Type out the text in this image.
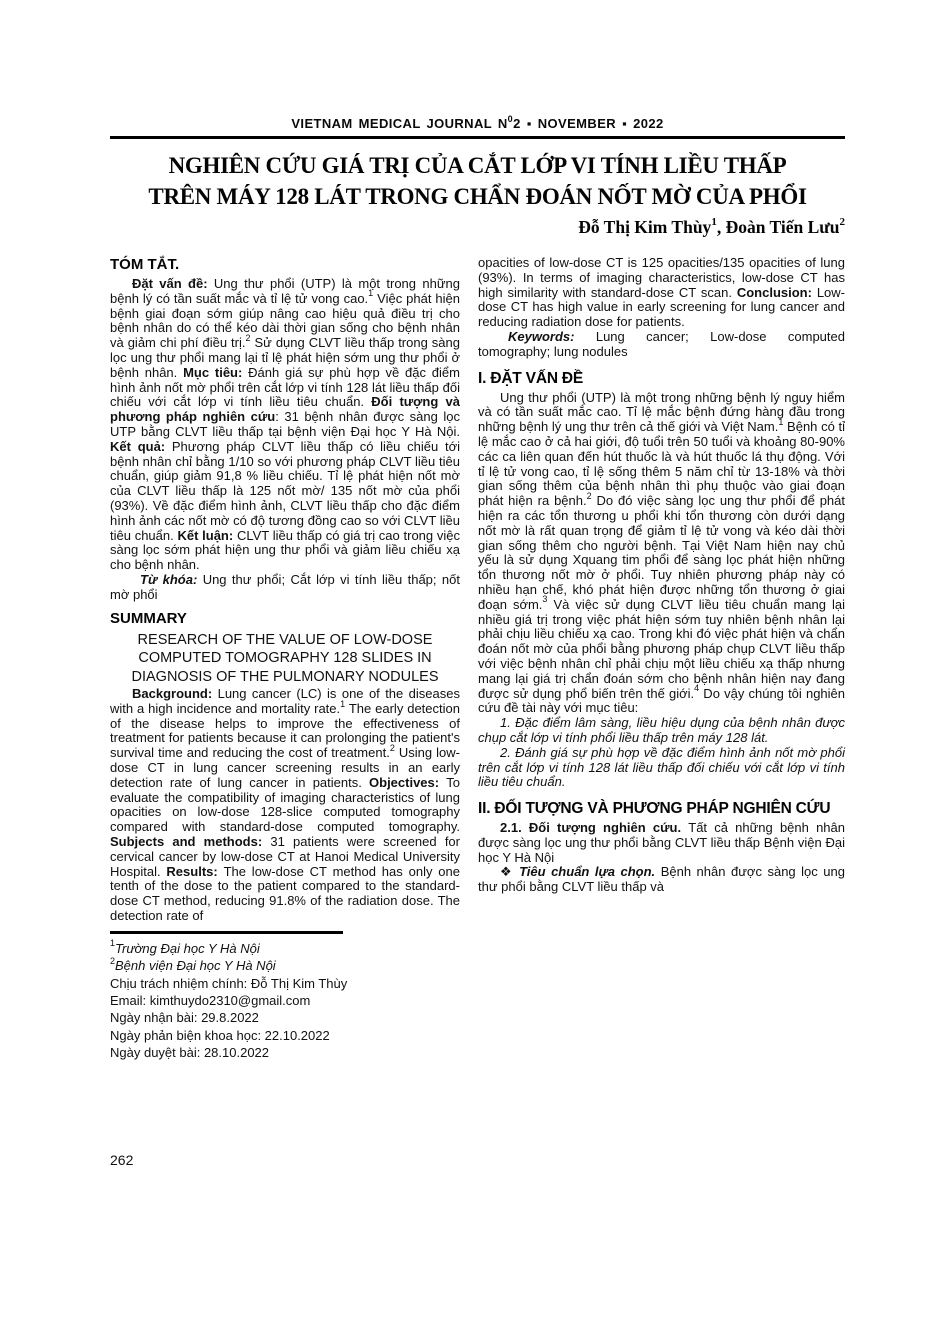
VIETNAM MEDICAL JOURNAL $N^02$ ▪ NOVEMBER ▪ 2022
NGHIÊN CỨU GIÁ TRỊ CỦA CẮT LỚP VI TÍNH LIỀU THẤP
TRÊN MÁY 128 LÁT TRONG CHẨN ĐOÁN NỐT MỜ CỦA PHỔI
Đỗ Thị Kim Thùy$^1$, Đoàn Tiến Lưu$^2$
TÓM TẮT.

Đặt vấn đề: Ung thư phổi (UTP) là một trong những bệnh lý có tần suất mắc và tỉ lệ tử vong cao.$^1$ Việc phát hiện bệnh giai đoạn sớm giúp nâng cao hiệu quả điều trị cho bệnh nhân do có thể kéo dài thời gian sống cho bệnh nhân và giảm chi phí điều trị.$^2$ Sử dụng CLVT liều thấp trong sàng lọc ung thư phổi mang lại tỉ lệ phát hiện sớm ung thư phổi ở bệnh nhân. Mục tiêu: Đánh giá sự phù hợp về đặc điểm hình ảnh nốt mờ phổi trên cắt lớp vi tính 128 lát liều thấp đối chiếu với cắt lớp vi tính liều tiêu chuẩn. Đối tượng và phương pháp nghiên cứu: 31 bệnh nhân được sàng lọc UTP bằng CLVT liều thấp tại bệnh viện Đại học Y Hà Nội. Kết quả: Phương pháp CLVT liều thấp có liều chiếu tới bệnh nhân chỉ bằng 1/10 so với phương pháp CLVT liều tiêu chuẩn, giúp giảm 91,8 % liều chiếu. Tỉ lệ phát hiện nốt mờ của CLVT liều thấp là 125 nốt mờ/ 135 nốt mờ của phổi (93%). Về đặc điểm hình ảnh, CLVT liều thấp cho đặc điểm hình ảnh các nốt mờ có độ tương đồng cao so với CLVT liều tiêu chuẩn. Kết luận: CLVT liều thấp có giá trị cao trong việc sàng lọc sớm phát hiện ung thư phổi và giảm liều chiếu xạ cho bệnh nhân.

Từ khóa: Ung thư phổi; Cắt lớp vi tính liều thấp; nốt mờ phổi

SUMMARY
RESEARCH OF THE VALUE OF LOW-DOSE COMPUTED TOMOGRAPHY 128 SLIDES IN DIAGNOSIS OF THE PULMONARY NODULES

Background: Lung cancer (LC) is one of the diseases with a high incidence and mortality rate.$^1$ The early detection of the disease helps to improve the effectiveness of treatment for patients because it can prolonging the patient's survival time and reducing the cost of treatment.$^2$ Using low-dose CT in lung cancer screening results in an early detection rate of lung cancer in patients. Objectives: To evaluate the compatibility of imaging characteristics of lung opacities on low-dose 128-slice computed tomography compared with standard-dose computed tomography. Subjects and methods: 31 patients were screened for cervical cancer by low-dose CT at Hanoi Medical University Hospital. Results: The low-dose CT method has only one tenth of the dose to the patient compared to the standard-dose CT method, reducing 91.8% of the radiation dose. The detection rate of

$^1$Trường Đại học Y Hà Nội
$^2$Bệnh viện Đại học Y Hà Nội
Chịu trách nhiệm chính: Đỗ Thị Kim Thùy
Email: kimthuydo2310@gmail.com
Ngày nhận bài: 29.8.2022
Ngày phản biện khoa học: 22.10.2022
Ngày duyệt bài: 28.10.2022

opacities of low-dose CT is 125 opacities/135 opacities of lung (93%). In terms of imaging characteristics, low-dose CT has high similarity with standard-dose CT scan. Conclusion: Low-dose CT has high value in early screening for lung cancer and reducing radiation dose for patients.

Keywords: Lung cancer; Low-dose computed tomography; lung nodules

I. ĐẶT VẤN ĐỀ

Ung thư phổi (UTP) là một trong những bệnh lý nguy hiểm và có tần suất mắc cao. Tỉ lệ mắc bệnh đứng hàng đầu trong những bệnh lý ung thư trên cả thế giới và Việt Nam.$^1$ Bệnh có tỉ lệ mắc cao ở cả hai giới, độ tuổi trên 50 tuổi và khoảng 80-90% các ca liên quan đến hút thuốc là và hút thuốc lá thụ động. Với tỉ lệ tử vong cao, tỉ lệ sống thêm 5 năm chỉ từ 13-18% và thời gian sống thêm của bệnh nhân thì phụ thuộc vào giai đoạn phát hiện ra bệnh.$^2$ Do đó việc sàng lọc ung thư phổi để phát hiện ra các tổn thương u phổi khi tổn thương còn dưới dạng nốt mờ là rất quan trọng để giảm tỉ lệ tử vong và kéo dài thời gian sống thêm cho người bệnh. Tại Việt Nam hiện nay chủ yếu là sử dụng Xquang tim phổi để sàng lọc phát hiện những tổn thương nốt mờ ở phổi. Tuy nhiên phương pháp này có nhiều hạn chế, khó phát hiện được những tổn thương ở giai đoạn sớm.$^3$ Và việc sử dụng CLVT liều tiêu chuẩn mang lại nhiều giá trị trong việc phát hiện sớm tuy nhiên bệnh nhân lại phải chịu liều chiếu xạ cao. Trong khi đó việc phát hiện và chẩn đoán nốt mờ của phổi bằng phương pháp chụp CLVT liều thấp với việc bệnh nhân chỉ phải chịu một liều chiếu xạ thấp nhưng mang lại giá trị chẩn đoán sớm cho bệnh nhân hiện nay đang được sử dụng phổ biến trên thế giới.$^4$ Do vậy chúng tôi nghiên cứu đề tài này với mục tiêu:

1. Đặc điểm lâm sàng, liều hiệu dụng của bệnh nhân được chụp cắt lớp vi tính phổi liều thấp trên máy 128 lát.

2. Đánh giá sự phù hợp về đặc điểm hình ảnh nốt mờ phổi trên cắt lớp vi tính 128 lát liều thấp đối chiếu với cắt lớp vi tính liều tiêu chuẩn.

II. ĐỐI TƯỢNG VÀ PHƯƠNG PHÁP NGHIÊN CỨU

2.1. Đối tượng nghiên cứu. Tất cả những bệnh nhân được sàng lọc ung thư phổi bằng CLVT liều thấp Bệnh viện Đại học Y Hà Nội

❖ Tiêu chuẩn lựa chọn. Bệnh nhân được sàng lọc ung thư phổi bằng CLVT liều thấp và

262
